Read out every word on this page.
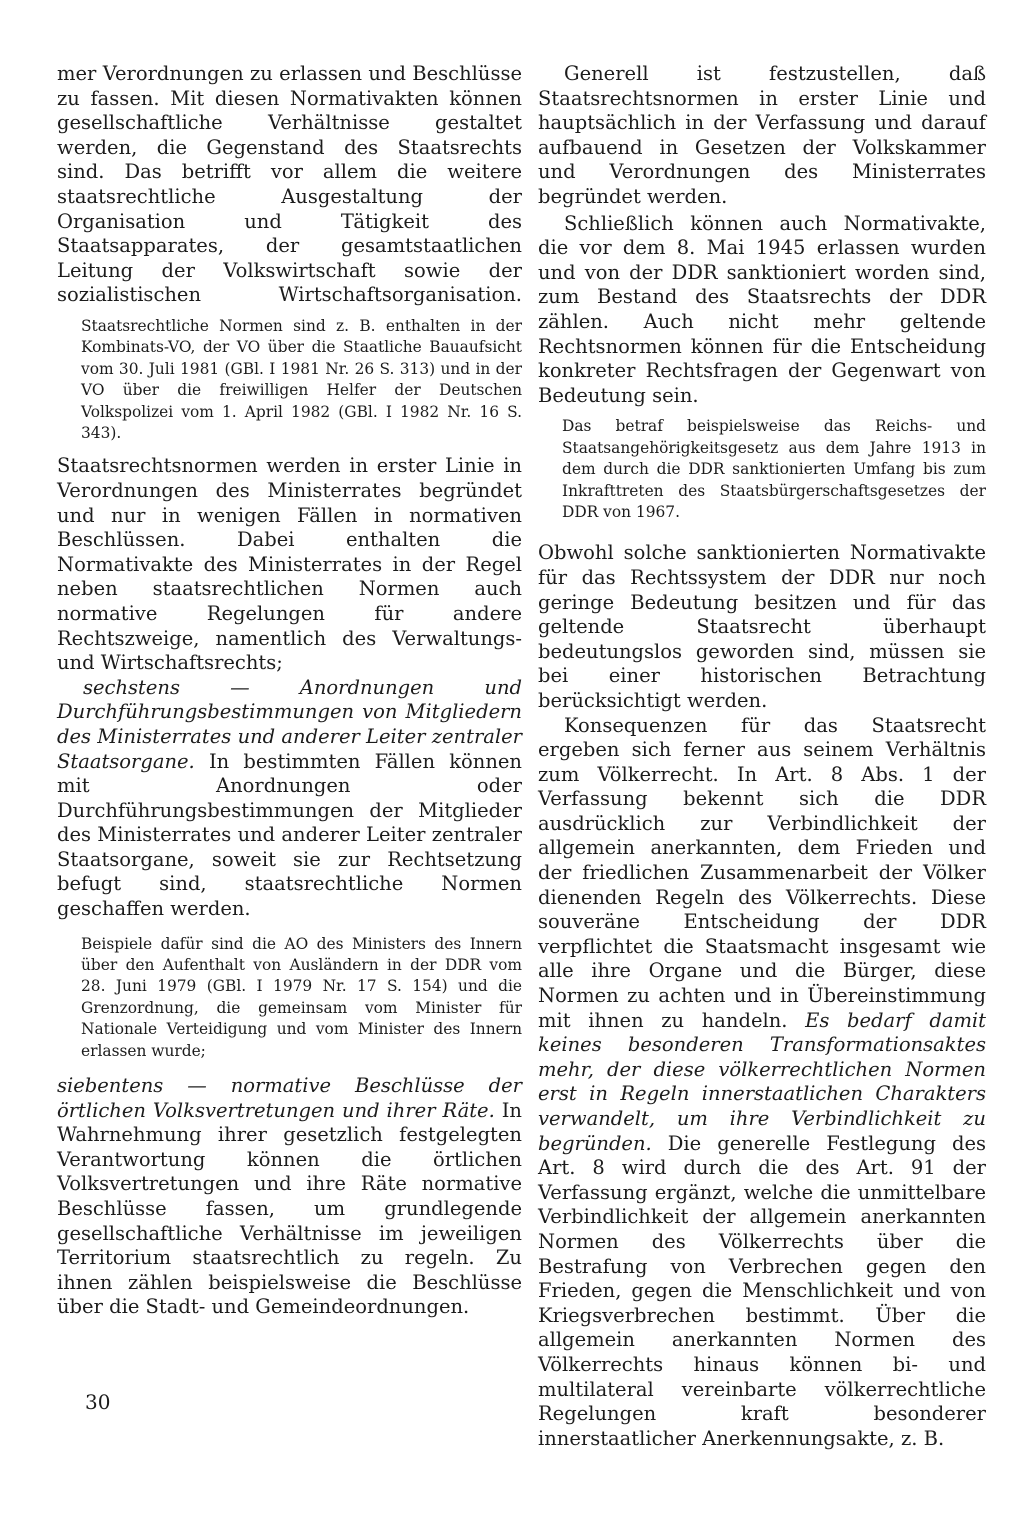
mer Verordnungen zu erlassen und Beschlüsse zu fassen. Mit diesen Normativakten können gesellschaftliche Verhältnisse gestaltet werden, die Gegenstand des Staatsrechts sind. Das betrifft vor allem die weitere staatsrechtliche Ausgestaltung der Organisation und Tätigkeit des Staatsapparates, der gesamtstaatlichen Leitung der Volkswirtschaft sowie der sozialistischen Wirtschaftsorganisation.

Staatsrechtliche Normen sind z. B. enthalten in der Kombinats-VO, der VO über die Staatliche Bauaufsicht vom 30. Juli 1981 (GBl. I 1981 Nr. 26 S. 313) und in der VO über die freiwilligen Helfer der Deutschen Volkspolizei vom 1. April 1982 (GBl. I 1982 Nr. 16 S. 343).

Staatsrechtsnormen werden in erster Linie in Verordnungen des Ministerrates begründet und nur in wenigen Fällen in normativen Beschlüssen. Dabei enthalten die Normativakte des Ministerrates in der Regel neben staatsrechtlichen Normen auch normative Regelungen für andere Rechtszweige, namentlich des Verwaltungs- und Wirtschaftsrechts;

sechstens — Anordnungen und Durchführungsbestimmungen von Mitgliedern des Ministerrates und anderer Leiter zentraler Staatsorgane. In bestimmten Fällen können mit Anordnungen oder Durchführungsbestimmungen der Mitglieder des Ministerrates und anderer Leiter zentraler Staatsorgane, soweit sie zur Rechtsetzung befugt sind, staatsrechtliche Normen geschaffen werden.

Beispiele dafür sind die AO des Ministers des Innern über den Aufenthalt von Ausländern in der DDR vom 28. Juni 1979 (GBl. I 1979 Nr. 17 S. 154) und die Grenzordnung, die gemeinsam vom Minister für Nationale Verteidigung und vom Minister des Innern erlassen wurde;

siebentens — normative Beschlüsse der örtlichen Volksvertretungen und ihrer Räte. In Wahrnehmung ihrer gesetzlich festgelegten Verantwortung können die örtlichen Volksvertretungen und ihre Räte normative Beschlüsse fassen, um grundlegende gesellschaftliche Verhältnisse im jeweiligen Territorium staatsrechtlich zu regeln. Zu ihnen zählen beispielsweise die Beschlüsse über die Stadt- und Gemeindeordnungen.

Generell ist festzustellen, daß Staatsrechtsnormen in erster Linie und hauptsächlich in der Verfassung und darauf aufbauend in Gesetzen der Volkskammer und Verordnungen des Ministerrates begründet werden.

Schließlich können auch Normativakte, die vor dem 8. Mai 1945 erlassen wurden und von der DDR sanktioniert worden sind, zum Bestand des Staatsrechts der DDR zählen. Auch nicht mehr geltende Rechtsnormen können für die Entscheidung konkreter Rechtsfragen der Gegenwart von Bedeutung sein.

Das betraf beispielsweise das Reichs- und Staatsangehörigkeitsgesetz aus dem Jahre 1913 in dem durch die DDR sanktionierten Umfang bis zum Inkrafttreten des Staatsbürgerschaftsgesetzes der DDR von 1967.

Obwohl solche sanktionierten Normativakte für das Rechtssystem der DDR nur noch geringe Bedeutung besitzen und für das geltende Staatsrecht überhaupt bedeutungslos geworden sind, müssen sie bei einer historischen Betrachtung berücksichtigt werden.

Konsequenzen für das Staatsrecht ergeben sich ferner aus seinem Verhältnis zum Völkerrecht. In Art. 8 Abs. 1 der Verfassung bekennt sich die DDR ausdrücklich zur Verbindlichkeit der allgemein anerkannten, dem Frieden und der friedlichen Zusammenarbeit der Völker dienenden Regeln des Völkerrechts. Diese souveräne Entscheidung der DDR verpflichtet die Staatsmacht insgesamt wie alle ihre Organe und die Bürger, diese Normen zu achten und in Übereinstimmung mit ihnen zu handeln. Es bedarf damit keines besonderen Transformationsaktes mehr, der diese völkerrechtlichen Normen erst in Regeln innerstaatlichen Charakters verwandelt, um ihre Verbindlichkeit zu begründen. Die generelle Festlegung des Art. 8 wird durch die des Art. 91 der Verfassung ergänzt, welche die unmittelbare Verbindlichkeit der allgemein anerkannten Normen des Völkerrechts über die Bestrafung von Verbrechen gegen den Frieden, gegen die Menschlichkeit und von Kriegsverbrechen bestimmt. Über die allgemein anerkannten Normen des Völkerrechts hinaus können bi- und multilateral vereinbarte völkerrechtliche Regelungen kraft besonderer innerstaatlicher Anerkennungsakte, z. B.

30
